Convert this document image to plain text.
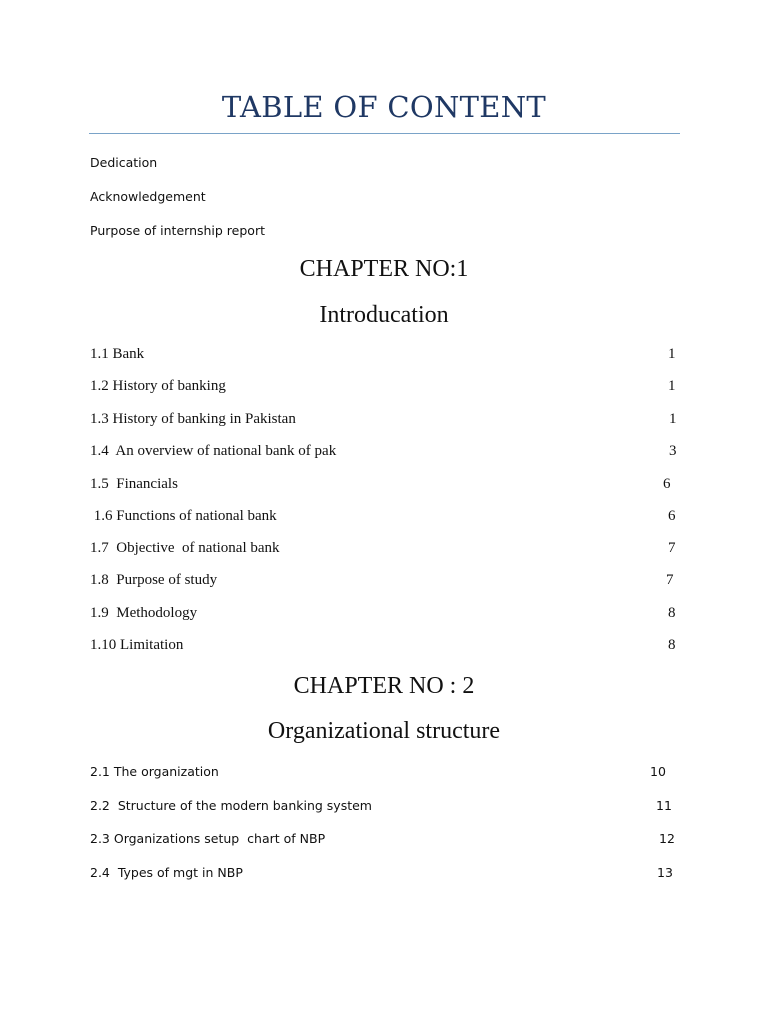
TABLE OF CONTENT
Dedication
Acknowledgement
Purpose of internship report
CHAPTER NO:1
Introducation
1.1 Bank	1
1.2 History of banking	1
1.3 History of banking in Pakistan	1
1.4  An overview of national bank of pak	3
1.5  Financials	6
1.6 Functions of national bank	6
1.7  Objective  of national bank	7
1.8  Purpose of study	7
1.9  Methodology	8
1.10 Limitation	8
CHAPTER NO : 2
Organizational structure
2.1 The organization	10
2.2  Structure of the modern banking system	11
2.3 Organizations setup  chart of NBP	12
2.4  Types of mgt in NBP	13
